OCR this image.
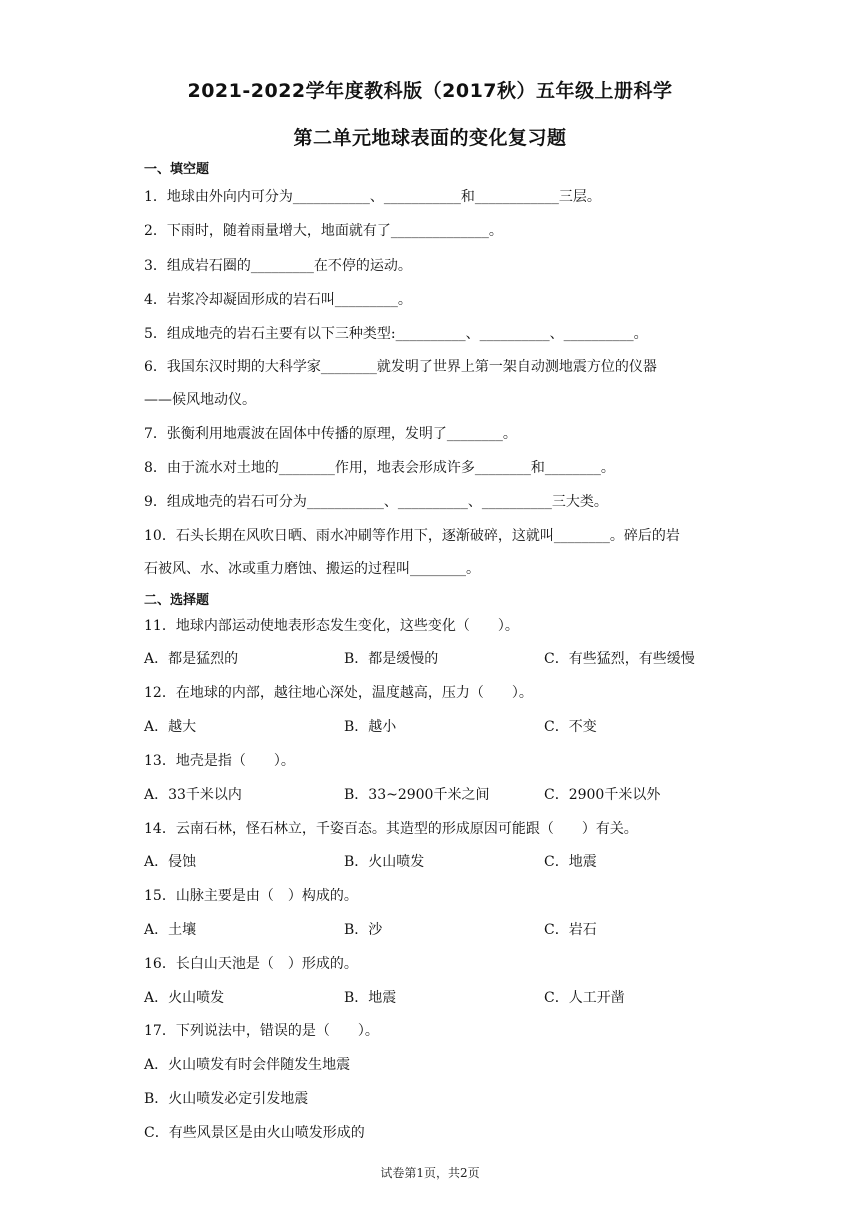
2021-2022学年度教科版（2017秋）五年级上册科学
第二单元地球表面的变化复习题
一、填空题
1．地球由外向内可分为___________、___________和____________三层。
2．下雨时，随着雨量增大，地面就有了______________。
3．组成岩石圈的_________在不停的运动。
4．岩浆冷却凝固形成的岩石叫_________。
5．组成地壳的岩石主要有以下三种类型:__________、__________、__________。
6．我国东汉时期的大科学家________就发明了世界上第一架自动测地震方位的仪器
——候风地动仪。
7．张衡利用地震波在固体中传播的原理，发明了________。
8．由于流水对土地的________作用，地表会形成许多________和________。
9．组成地壳的岩石可分为___________、__________、__________三大类。
10．石头长期在风吹日晒、雨水冲刷等作用下，逐渐破碎，这就叫________。碎后的岩
石被风、水、冰或重力磨蚀、搬运的过程叫________。
二、选择题
11．地球内部运动使地表形态发生变化，这些变化（　　）。
A．都是猛烈的	B．都是缓慢的	C．有些猛烈，有些缓慢
12．在地球的内部，越往地心深处，温度越高，压力（　　）。
A．越大	B．越小	C．不变
13．地壳是指（　　）。
A．33千米以内	B．33~2900千米之间	C．2900千米以外
14．云南石林，怪石林立，千姿百态。其造型的形成原因可能跟（　　）有关。
A．侵蚀	B．火山喷发	C．地震
15．山脉主要是由（　）构成的。
A．土壤	B．沙	C．岩石
16．长白山天池是（　）形成的。
A．火山喷发	B．地震	C．人工开凿
17．下列说法中，错误的是（　　）。
A．火山喷发有时会伴随发生地震
B．火山喷发必定引发地震
C．有些风景区是由火山喷发形成的
试卷第1页，共2页
